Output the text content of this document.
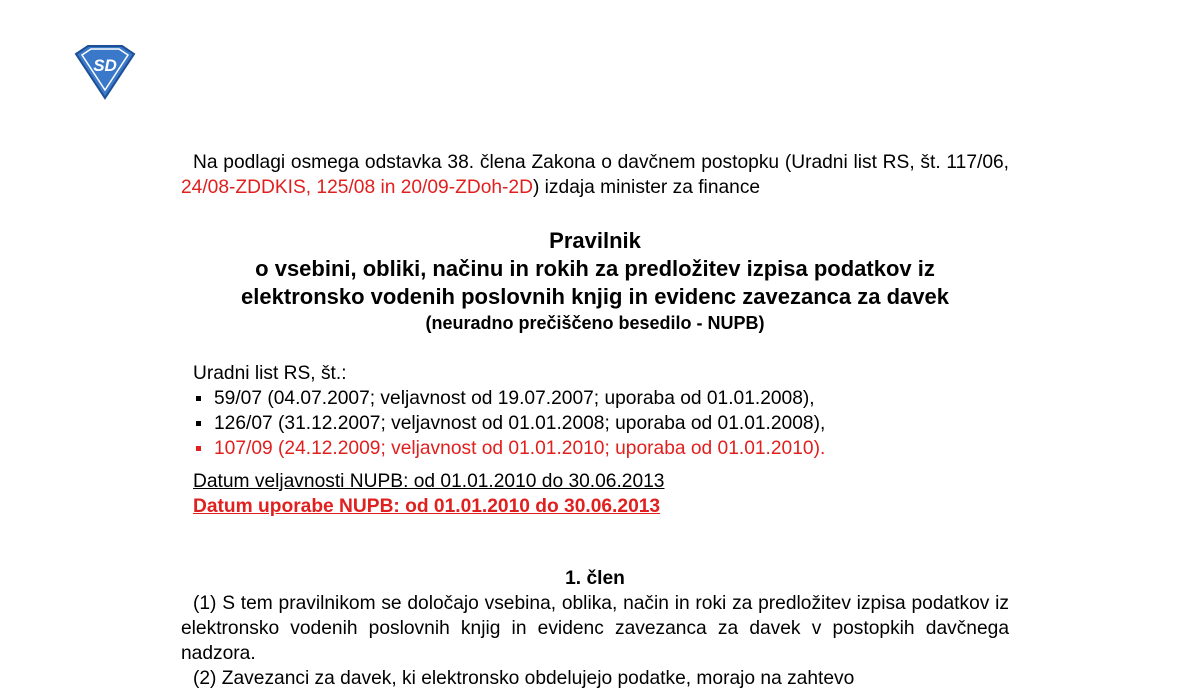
SD

Na podlagi osmega odstavka 38. člena Zakona o davčnem postopku (Uradni list RS, št. 117/06, 24/08-ZDDKIS, 125/08 in 20/09-ZDoh-2D) izdaja minister za finance

Pravilnik
o vsebini, obliki, načinu in rokih za predložitev izpisa podatkov iz
elektronsko vodenih poslovnih knjig in evidenc zavezanca za davek
(neuradno prečiščeno besedilo - NUPB)
Uradni list RS, št.:
59/07 (04.07.2007; veljavnost od 19.07.2007; uporaba od 01.01.2008),
126/07 (31.12.2007; veljavnost od 01.01.2008; uporaba od 01.01.2008),
107/09 (24.12.2009; veljavnost od 01.01.2010; uporaba od 01.01.2010).
Datum veljavnosti NUPB: od 01.01.2010 do 30.06.2013
Datum uporabe NUPB: od 01.01.2010 do 30.06.2013
1. člen

(1) S tem pravilnikom se določajo vsebina, oblika, način in roki za predložitev izpisa podatkov iz elektronsko vodenih poslovnih knjig in evidenc zavezanca za davek v postopkih davčnega nadzora.

(2) Zavezanci za davek, ki elektronsko obdelujejo podatke, morajo na zahtevo
